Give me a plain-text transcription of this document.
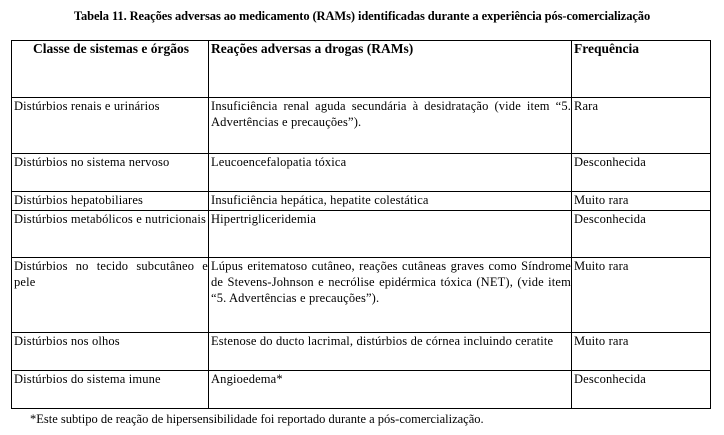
Tabela 11. Reações adversas ao medicamento (RAMs) identificadas durante a experiência pós-comercialização
Classe de sistemas e órgãos	Reações adversas a drogas (RAMs)	Frequência
Distúrbios renais e urinários	Insuficiência renal aguda secundária à desidratação (vide item “5. Advertências e precauções”).	Rara
Distúrbios no sistema nervoso	Leucoencefalopatia tóxica	Desconhecida
Distúrbios hepatobiliares	Insuficiência hepática, hepatite colestática	Muito rara
Distúrbios metabólicos e nutricionais	Hipertrigliceridemia	Desconhecida
Distúrbios no tecido subcutâneo e pele	Lúpus eritematoso cutâneo, reações cutâneas graves como Síndrome de Stevens-Johnson e necrólise epidérmica tóxica (NET), (vide item “5. Advertências e precauções”).	Muito rara
Distúrbios nos olhos	Estenose do ducto lacrimal, distúrbios de córnea incluindo ceratite	Muito rara
Distúrbios do sistema imune	Angioedema*	Desconhecida
*Este subtipo de reação de hipersensibilidade foi reportado durante a pós-comercialização.
